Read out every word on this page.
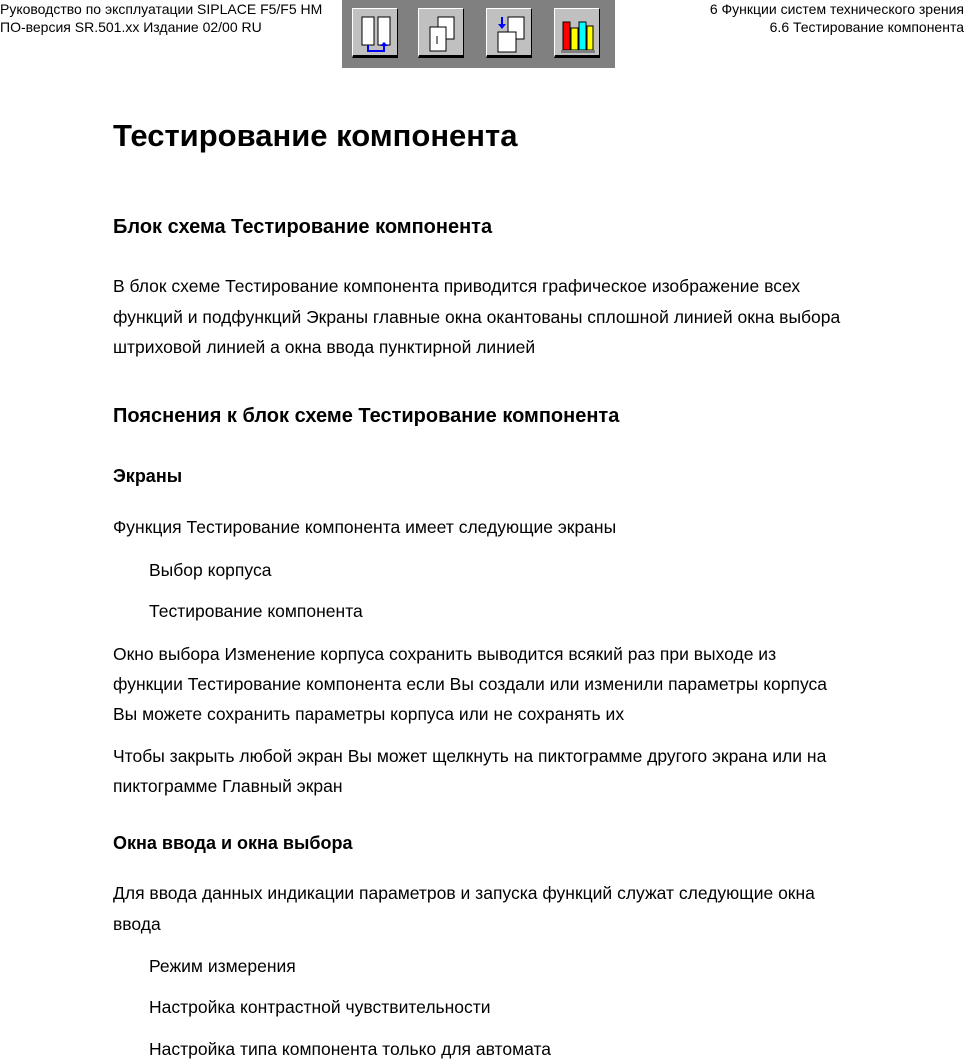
Руководство по эксплуатации SIPLACE F5/F5 HM
ПО-версия SR.501.xx Издание 02/00 RU
6 Функции систем технического зрения
6.6 Тестирование компонента
Тестирование компонента
Блок схема Тестирование компонента
В блок схеме Тестирование компонента приводится графическое изображение всех
функций и подфункций Экраны главные окна окантованы сплошной линией окна выбора
штриховой линией а окна ввода пунктирной линией
Пояснения к блок схеме Тестирование компонента
Экраны
Функция Тестирование компонента имеет следующие экраны
Выбор корпуса
Тестирование компонента
Окно выбора Изменение корпуса сохранить выводится всякий раз при выходе из
функции Тестирование компонента если Вы создали или изменили параметры корпуса
Вы можете сохранить параметры корпуса или не сохранять их
Чтобы закрыть любой экран Вы может щелкнуть на пиктограмме другого экрана или на
пиктограмме Главный экран
Окна ввода и окна выбора
Для ввода данных индикации параметров и запуска функций служат следующие окна
ввода
Режим измерения
Настройка контрастной чувствительности
Настройка типа компонента только для автомата
